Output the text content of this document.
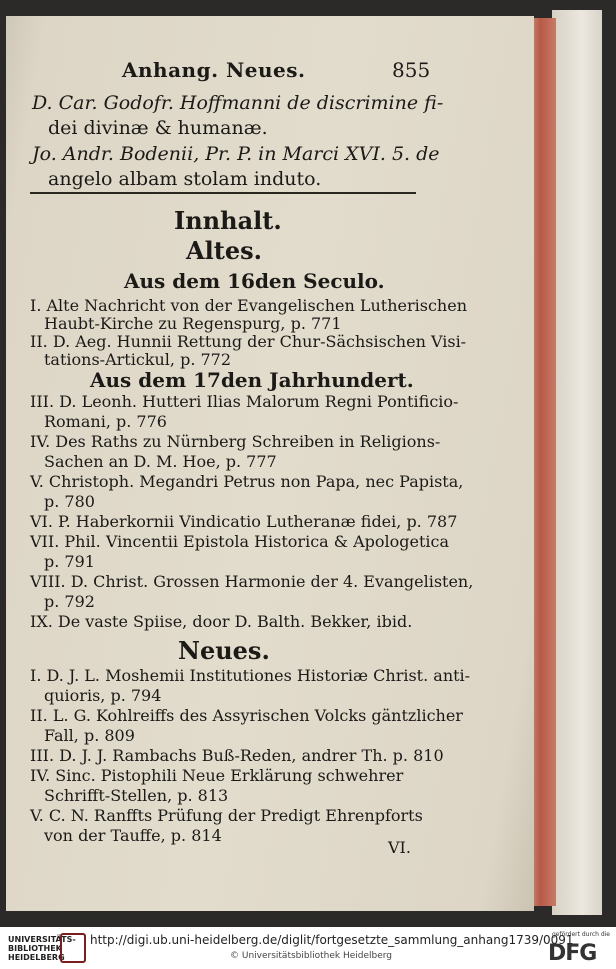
Anhang. Neues.	855
D. Car. Godofr. Hoffmanni de discrimine fi-
dei divinæ & humanæ.
Jo. Andr. Bodenii, Pr. P. in Marci XVI. 5. de
angelo albam stolam induto.
Innhalt.
Altes.
Aus dem 16den Seculo.
I. Alte Nachricht von der Evangelischen Lutherischen
Haubt-Kirche zu Regenspurg, p. 771
II. D. Aeg. Hunnii Rettung der Chur-Sächsischen Visi-
tations-Artickul, p. 772
Aus dem 17den Jahrhundert.
III. D. Leonh. Hutteri Ilias Malorum Regni Pontificio-
Romani, p. 776
IV. Des Raths zu Nürnberg Schreiben in Religions-
Sachen an D. M. Hoe, p. 777
V. Christoph. Megandri Petrus non Papa, nec Papista,
p. 780
VI. P. Haberkornii Vindicatio Lutheranæ fidei, p. 787
VII. Phil. Vincentii Epistola Historica & Apologetica
p. 791
VIII. D. Christ. Grossen Harmonie der 4. Evangelisten,
p. 792
IX. De vaste Spiise, door D. Balth. Bekker, ibid.
Neues.
I. D. J. L. Moshemii Institutiones Historiæ Christ. anti-
quioris, p. 794
II. L. G. Kohlreiffs des Assyrischen Volcks gäntzlicher
Fall, p. 809
III. D. J. J. Rambachs Buß-Reden, andrer Th. p. 810
IV. Sinc. Pistophili Neue Erklärung schwehrer
Schrifft-Stellen, p. 813
V. C. N. Ranffts Prüfung der Predigt Ehrenpforts
von der Tauffe, p. 814
VI.
UNIVERSITÄTS-BIBLIOTHEK HEIDELBERG
http://digi.ub.uni-heidelberg.de/diglit/fortgesetzte_sammlung_anhang1739/0091
© Universitätsbibliothek Heidelberg
gefördert durch die
DFG
